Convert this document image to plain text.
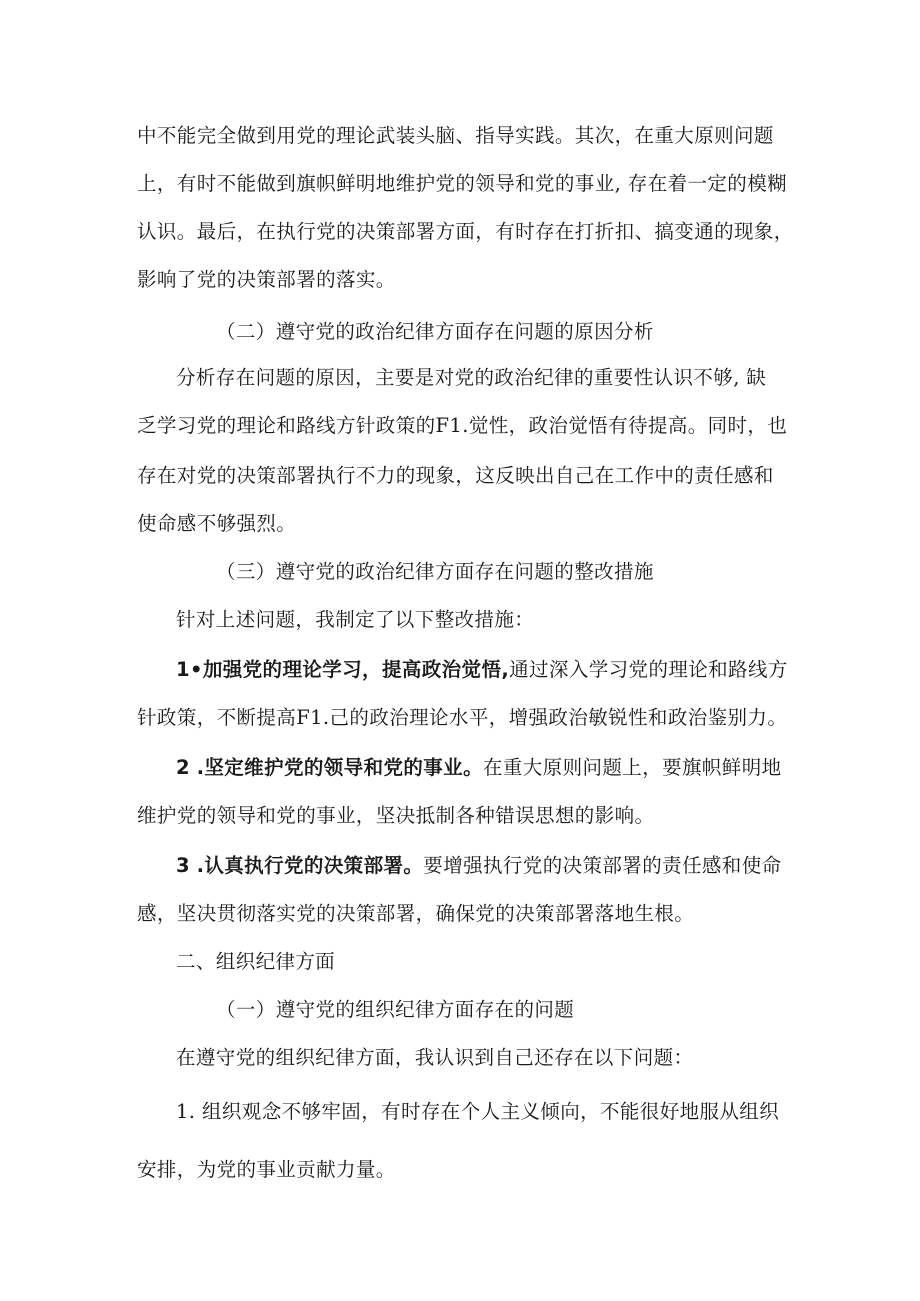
中不能完全做到用党的理论武装头脑、指导实践。其次，在重大原则问题
上，有时不能做到旗帜鲜明地维护党的领导和党的事业, 存在着一定的模糊
认识。最后，在执行党的决策部署方面，有时存在打折扣、搞变通的现象，
影响了党的决策部署的落实。
（二）遵守党的政治纪律方面存在问题的原因分析
分析存在问题的原因，主要是对党的政治纪律的重要性认识不够, 缺
乏学习党的理论和路线方针政策的F1.觉性，政治觉悟有待提高。同时，也
存在对党的决策部署执行不力的现象，这反映出自己在工作中的责任感和
使命感不够强烈。
（三）遵守党的政治纪律方面存在问题的整改措施
针对上述问题，我制定了以下整改措施：
1•加强党的理论学习，提高政治觉悟,通过深入学习党的理论和路线方
针政策，不断提高F1.己的政治理论水平，增强政治敏锐性和政治鉴别力。
2 .坚定维护党的领导和党的事业。在重大原则问题上，要旗帜鲜明地
维护党的领导和党的事业，坚决抵制各种错误思想的影响。
3 .认真执行党的决策部署。要增强执行党的决策部署的责任感和使命
感，坚决贯彻落实党的决策部署，确保党的决策部署落地生根。
二、组织纪律方面
（一）遵守党的组织纪律方面存在的问题
在遵守党的组织纪律方面，我认识到自己还存在以下问题：
1. 组织观念不够牢固，有时存在个人主义倾向，不能很好地服从组织
安排，为党的事业贡献力量。
